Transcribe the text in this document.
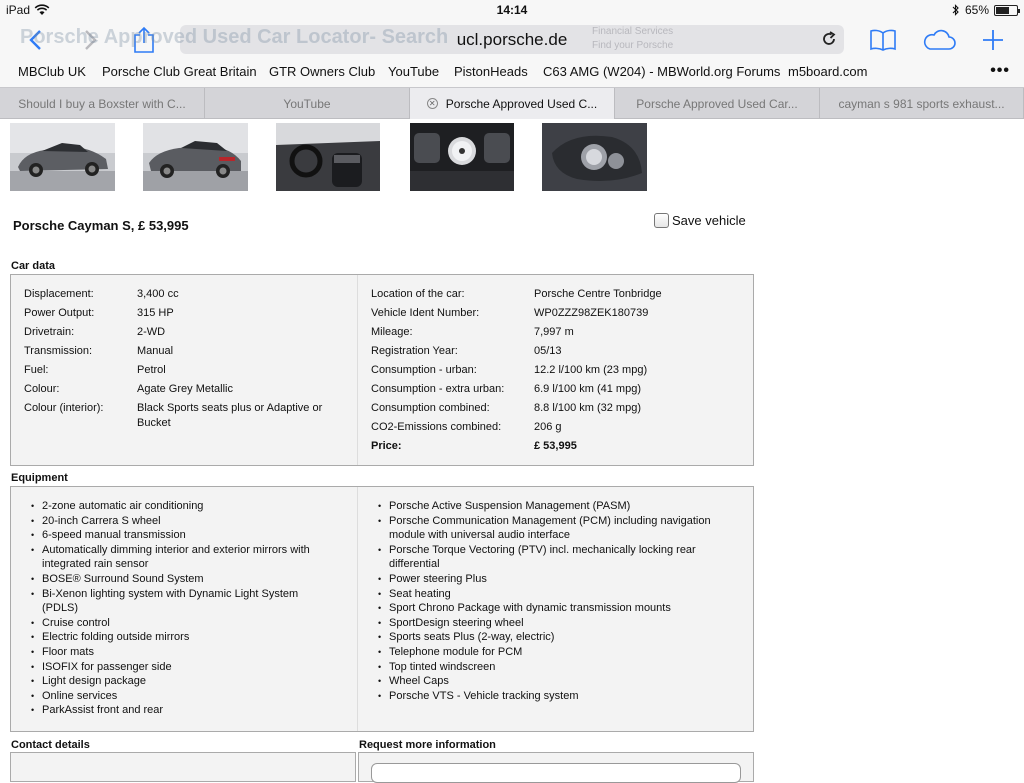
iPad	14:14	65%
Porsche Approved Used Car Locator- Search	Financial Services
Find your Porsche
ucl.porsche.de
MBClub UK Porsche Club Great Britain GTR Owners Club YouTube PistonHeads C63 AMG (W204) - MBWorld.org Forums m5board.com	•••
Should I buy a Boxster with C...	YouTube	✕ Porsche Approved Used C...	Porsche Approved Used Car...	cayman s 981 sports exhaust...
Porsche Cayman S, £ 53,995	Save vehicle
Car data
Displacement:	3,400 cc
Power Output:	315 HP
Drivetrain:	2-WD
Transmission:	Manual
Fuel:	Petrol
Colour:	Agate Grey Metallic
Colour (interior):	Black Sports seats plus or Adaptive or Bucket
Location of the car:	Porsche Centre Tonbridge
Vehicle Ident Number:	WP0ZZZ98ZEK180739
Mileage:	7,997 m
Registration Year:	05/13
Consumption - urban:	12.2 l/100 km (23 mpg)
Consumption - extra urban:	6.9 l/100 km (41 mpg)
Consumption combined:	8.8 l/100 km (32 mpg)
CO2-Emissions combined:	206 g
Price:	£ 53,995
Equipment
• 2-zone automatic air conditioning
• 20-inch Carrera S wheel
• 6-speed manual transmission
• Automatically dimming interior and exterior mirrors with integrated rain sensor
• BOSE® Surround Sound System
• Bi-Xenon lighting system with Dynamic Light System (PDLS)
• Cruise control
• Electric folding outside mirrors
• Floor mats
• ISOFIX for passenger side
• Light design package
• Online services
• ParkAssist front and rear
• Porsche Active Suspension Management (PASM)
• Porsche Communication Management (PCM) including navigation module with universal audio interface
• Porsche Torque Vectoring (PTV) incl. mechanically locking rear differential
• Power steering Plus
• Seat heating
• Sport Chrono Package with dynamic transmission mounts
• SportDesign steering wheel
• Sports seats Plus (2-way, electric)
• Telephone module for PCM
• Top tinted windscreen
• Wheel Caps
• Porsche VTS - Vehicle tracking system
Contact details	Request more information
